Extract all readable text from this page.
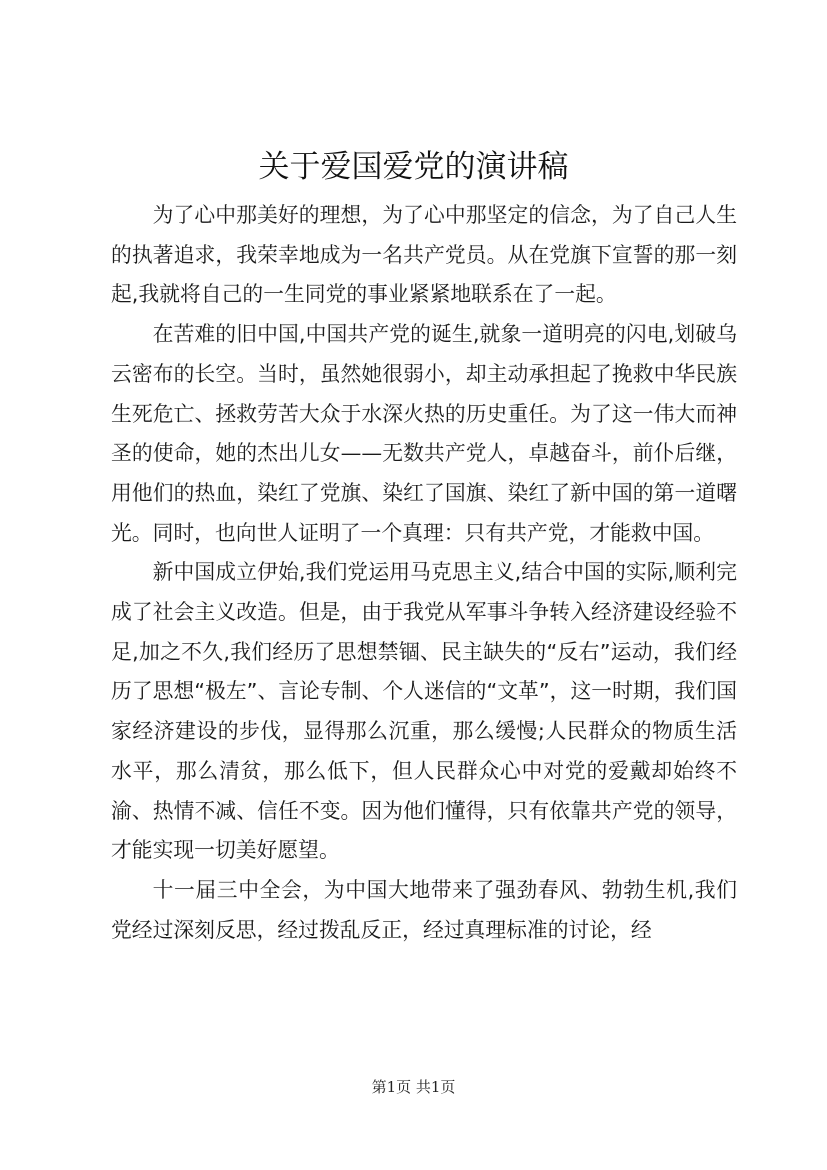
关于爱国爱党的演讲稿

为了心中那美好的理想，为了心中那坚定的信念，为了自己人生的执著追求，我荣幸地成为一名共产党员。从在党旗下宣誓的那一刻起,我就将自己的一生同党的事业紧紧地联系在了一起。

在苦难的旧中国,中国共产党的诞生,就象一道明亮的闪电,划破乌云密布的长空。当时，虽然她很弱小，却主动承担起了挽救中华民族生死危亡、拯救劳苦大众于水深火热的历史重任。为了这一伟大而神圣的使命，她的杰出儿女——无数共产党人，卓越奋斗，前仆后继，用他们的热血，染红了党旗、染红了国旗、染红了新中国的第一道曙光。同时，也向世人证明了一个真理：只有共产党，才能救中国。

新中国成立伊始,我们党运用马克思主义,结合中国的实际,顺利完成了社会主义改造。但是，由于我党从军事斗争转入经济建设经验不足,加之不久,我们经历了思想禁锢、民主缺失的“反右”运动，我们经历了思想“极左”、言论专制、个人迷信的“文革”，这一时期，我们国家经济建设的步伐，显得那么沉重，那么缓慢;人民群众的物质生活水平，那么清贫，那么低下，但人民群众心中对党的爱戴却始终不渝、热情不减、信任不变。因为他们懂得，只有依靠共产党的领导，才能实现一切美好愿望。

十一届三中全会，为中国大地带来了强劲春风、勃勃生机,我们党经过深刻反思，经过拨乱反正，经过真理标准的讨论，经

第1页 共1页
